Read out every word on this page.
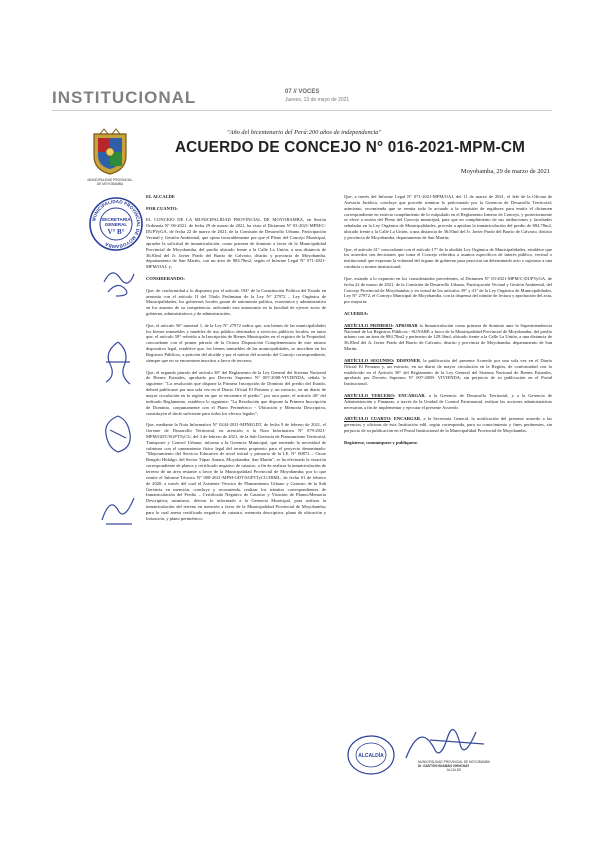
INSTITUCIONAL	07 // VOCES
Jueves, 13 de mayo de 2021
MUNICIPALIDAD PROVINCIAL
DE MOYOBAMBA
"Año del bicentenario del Perú:200 años de independencia"
ACUERDO DE CONCEJO N° 016-2021-MPM-CM
Moyobamba, 29 de marzo de 2021

EL ALCALDE

POR CUANTO:

EL CONCEJO DE LA MUNICIPALIDAD PROVINCIAL DE MOYOBAMBA, en Sesión Ordinaria N° 06-2021, de fecha 29 de marzo de 2021, ha visto el Dictamen N° 03-2021-MPM/C-DUPVyGA, de fecha 22 de marzo de 2021, de la Comisión de Desarrollo Urbano, Participación Vecinal y Gestión Ambiental, que opina favorablemente por que el Pleno del Concejo Municipal, apruebe la solicitud de inmatriculación, como primera de dominio a favor de la Municipalidad Provincial de Moyobamba, del predio ubicado frente a la Calle La Unión, a una distancia de 36.83ml del Jr. Javier Prado del Barrio de Calvario, distrito y provincia de Moyobamba, departamento de San Martín, con un área de 884.78m2, según el Informe Legal N° 071-2021-MPM/OAJ; y;

CONSIDERANDO:

Que, de conformidad a lo dispuesto por el artículo 194° de la Constitución Política del Estado en armonía con el artículo II del Título Preliminar de la Ley N° 27972 – Ley Orgánica de Municipalidades, los gobiernos locales gozan de autonomía política, económica y administrativa en los asuntos de su competencia, radicando esta autonomía en la facultad de ejercer actos de gobierno, administrativos y de administración;

Que, el artículo 56° numeral 1, de la Ley N° 27972 indica que, son bienes de las municipalidades los bienes inmuebles y muebles de uso público destinados a servicios públicos locales; en tanto que, el artículo 58° referido a la Inscripción de Bienes Municipales en el registro de la Propiedad, concordante con el primer párrafo de la Octava Disposición Complementaria de este mismo dispositivo legal, establece que, los bienes inmuebles de las municipalidades, se inscriben en los Registros Públicos, a petición del alcalde y por el mérito del acuerdo del Concejo correspondiente, siempre que no se encuentren inscritos a favor de terceros;

Que, el segundo párrafo del artículo 38° del Reglamento de la Ley General del Sistema Nacional de Bienes Estatales, aprobado por Decreto Supremo N° 007-2008-VIVIENDA, señala lo siguiente: "La resolución que dispone la Primera Inscripción de Dominio del predio del Estado, deberá publicarse por una sola vez en el Diario Oficial El Peruano y, un extracto, en un diario de mayor circulación en la región en que se encuentre el predio", por otra parte, el artículo 40° del indicado Reglamento, establece lo siguiente: "La Resolución que dispone la Primera Inscripción de Dominio, conjuntamente con el Plano Perimétrico - Ubicación y Memoria Descriptiva, constituyen el título suficiente para todos los efectos legales";

Que, mediante la Nota Informativa N° 0244-2021-MPM/GDT, de fecha 9 de febrero de 2021, el Gerente de Desarrollo Territorial, en atención a la Nota Informativa N° 079-2021-MPM/GDT/SGPTTyCU, del 3 de febrero de 2021, de la Sub Gerencia de Planeamiento Territorial, Transporte y Control Urbano; informa a la Gerencia Municipal, que teniendo la necesidad de culminar con el saneamiento físico legal del terreno propuesto para el proyecto denominado: "Mejoramiento del Servicio Educativo de nivel inicial y primaria de la I.E. N° 00872 – Oscar Rengifo Hidalgo, del Sector Túpac Amaru, Moyobamba, San Martín", se ha efectuado la visación correspondiente de planos y certificado negativo de catastro, a fin de realizar la inmatriculación de terreno de un área restante a favor de la Municipalidad Provincial de Moyobamba; por lo que remite el Informe Técnico N° 008-2021-MPM-GDT/SGPTTyCU/JHML, de fecha 01 de febrero de 2020, a través del cual el Asistente Técnico de Planeamiento Urbano y Catastro de la Sub Gerencia en mención, concluye y recomienda, realizar los trámites correspondientes de Inmatriculación del Predio – Certificado Negativo de Catastro y Visación de Planos/Memoria Descriptiva; asimismo, derivar lo informado a la Gerencia Municipal, para realizar la inmatriculación del terreno en mención a favor de la Municipalidad Provincial de Moyobamba; para lo cual anexa certificado negativo de catastro, memoria descriptiva, plano de ubicación y lotización, y plano perimétrico;

Que, a través del Informe Legal N° 071-2021-MPM/OAJ, del 11 de marzo de 2021, el Jefe de la Oficina de Asesoría Jurídica, concluye que procede tramitar lo peticionado por la Gerencia de Desarrollo Territorial; asimismo, recomienda que se remita todo lo actuado a la comisión de regidores para emitir el dictamen correspondiente en estricto cumplimiento de lo estipulado en el Reglamento Interno de Concejo, y posteriormente se eleve a sesión del Pleno del Concejo municipal, para que en cumplimiento de sus atribuciones y facultades señaladas en la Ley Orgánica de Municipalidades, proceda a aprobar la inmatriculación del predio de 884.78m2, ubicado frente a la Calle La Unión, a una distancia de 36.83ml del Jr. Javier Prado del Barrio de Calvario, distrito y provincia de Moyobamba, departamento de San Martín;

Que, el artículo 41° concordante con el artículo 17° de la aludida Ley Orgánica de Municipalidades, establece que los acuerdos son decisiones que toma el Concejo referidos a asuntos específicos de interés público, vecinal o institucional que expresan la voluntad del órgano de gobierno para practicar un determinado acto o sujetarse a una conducta o norma institucional;

Que, estando a lo expuesto en los considerandos precedentes, al Dictamen N° 03-2021-MPM/C-DUPVyGA, de fecha 22 de marzo de 2021, de la Comisión de Desarrollo Urbano, Participación Vecinal y Gestión Ambiental, del Concejo Provincial de Moyobamba; y en virtud de los artículos 39° y 41° de la Ley Orgánica de Municipalidades, Ley N° 27972, el Concejo Municipal de Moyobamba, con la dispensa del trámite de lectura y aprobación del acta, por mayoría:

ACUERDA:

ARTÍCULO PRIMERO: APROBAR la Inmatriculación como primera de dominio ante la Superintendencia Nacional de los Registros Públicos - SUNARP, a favor de la Municipalidad Provincial de Moyobamba, del predio urbano con un área de 884.78m2 y perímetro de 129.36ml, ubicado frente a la Calle La Unión, a una distancia de 36.83ml del Jr. Javier Prado del Barrio de Calvario, distrito y provincia de Moyobamba, departamento de San Martín.

ARTÍCULO SEGUNDO: DISPONER, la publicación del presente Acuerdo por una sola vez en el Diario Oficial El Peruano y, un extracto, en un diario de mayor circulación en la Región, de conformidad con lo establecido en el Artículo 38° del Reglamento de la Ley General del Sistema Nacional de Bienes Estatales, aprobado por Decreto Supremo N° 007-2008- VIVIENDA; sin perjuicio de su publicación en el Portal Institucional.

ARTÍCULO TERCERO: ENCARGAR, a la Gerencia de Desarrollo Territorial, y a la Gerencia de Administración y Finanzas, a través de la Unidad de Control Patrimonial, realizar las acciones administrativas necesarias a fin de implementar y ejecutar el presente Acuerdo.

ARTÍCULO CUARTO: ENCARGAR, a la Secretaría General, la notificación del presente acuerdo a las gerencias y oficinas de esta Institución edil, según corresponda, para su conocimiento y fines pertinentes, sin perjuicio de su publicación en el Portal Institucional de la Municipalidad Provincial de Moyobamba.

Regístrese, comuníquese y publíquese.

MUNICIPALIDAD PROVINCIAL DE MOYOBAMBA
SECRETARIA
GENERAL
V° B°
ALCALDÍA
MUNICIPALIDAD PROVINCIAL DE MOYOBAMBA
Dr. GASTÓN HUAMAN CHINCHAY
ALCALDE
